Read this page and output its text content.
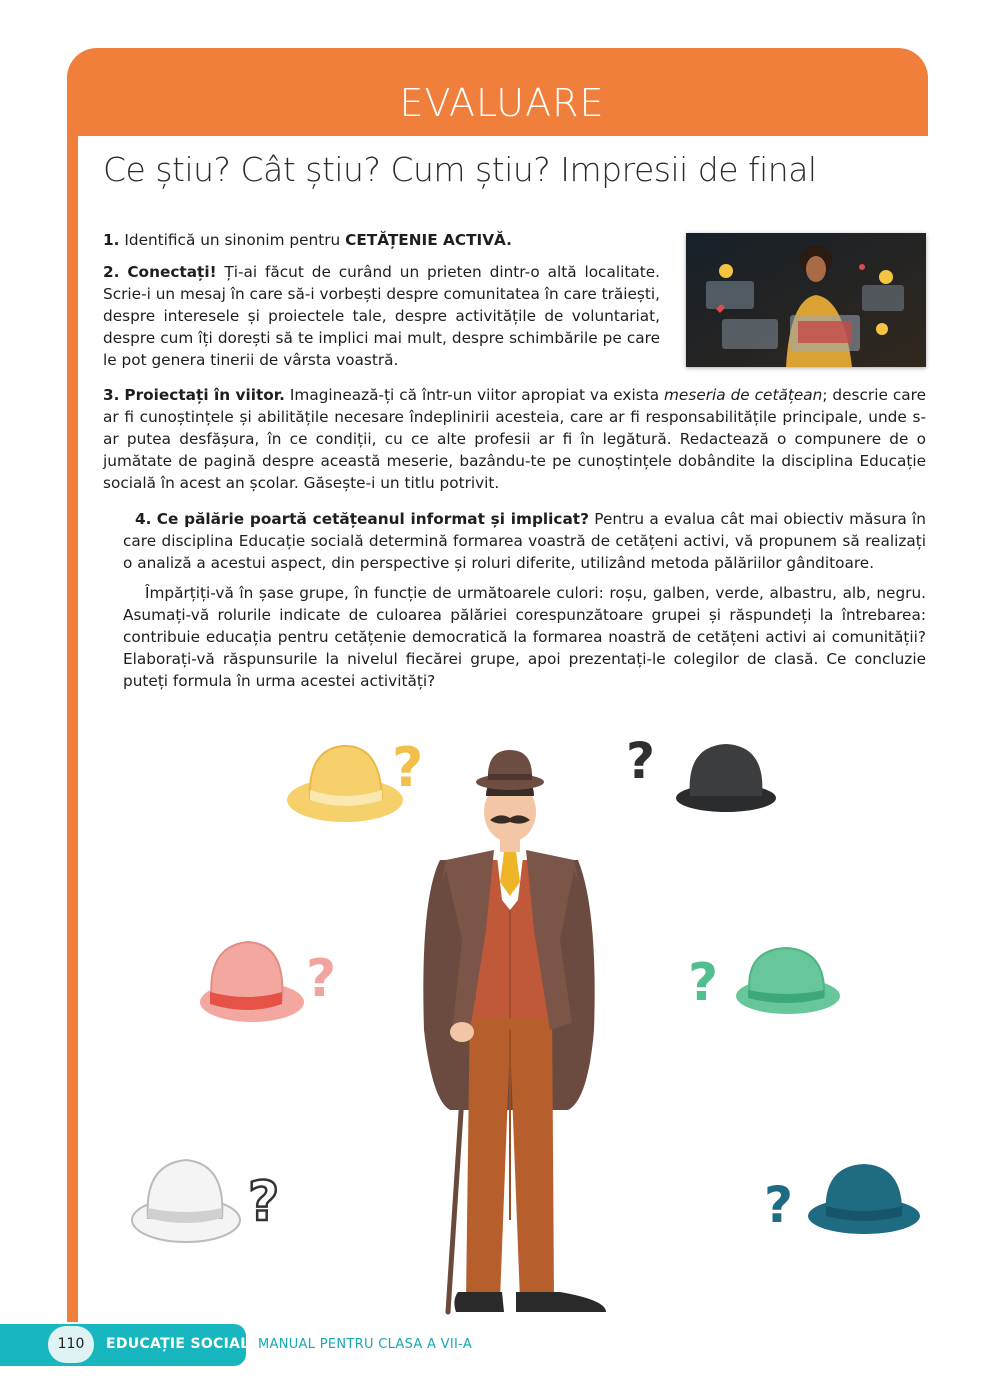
EVALUARE
Ce știu? Cât știu? Cum știu? Impresii de final
1. Identifică un sinonim pentru CETĂȚENIE ACTIVĂ.
2. Conectați! Ți-ai făcut de curând un prieten dintr-o altă localitate. Scrie-i un mesaj în care să-i vorbești despre comunitatea în care trăiești, despre interesele și proiectele tale, despre activitățile de voluntariat, despre cum îți dorești să te implici mai mult, despre schimbările pe care le pot genera tinerii de vârsta voastră.
3. Proiectați în viitor. Imaginează-ți că într-un viitor apropiat va exista meseria de cetățean; descrie care ar fi cunoștințele și abilitățile necesare îndeplinirii acesteia, care ar fi responsabilitățile principale, unde s-ar putea desfășura, în ce condiții, cu ce alte profesii ar fi în legătură. Redactează o compunere de o jumătate de pagină despre această meserie, bazându-te pe cunoștințele dobândite la disciplina Educație socială în acest an școlar. Găsește-i un titlu potrivit.
4. Ce pălărie poartă cetățeanul informat și implicat? Pentru a evalua cât mai obiectiv măsura în care disciplina Educație socială determină formarea voastră de cetățeni activi, vă propunem să realizați o analiză a acestui aspect, din perspective și roluri diferite, utilizând metoda pălăriilor gânditoare.
Împărțiți-vă în șase grupe, în funcție de următoarele culori: roșu, galben, verde, albastru, alb, negru. Asumați-vă rolurile indicate de culoarea pălăriei corespunzătoare grupei și răspundeți la întrebarea: contribuie educația pentru cetățenie democratică la formarea noastră de cetățeni activi ai comunității? Elaborați-vă răspunsurile la nivelul fiecărei grupe, apoi prezentați-le colegilor de clasă. Ce concluzie puteți formula în urma acestei activități?
?	?
?	?
?	?
110	EDUCAȚIE SOCIALĂ
MANUAL PENTRU CLASA A VII-A
